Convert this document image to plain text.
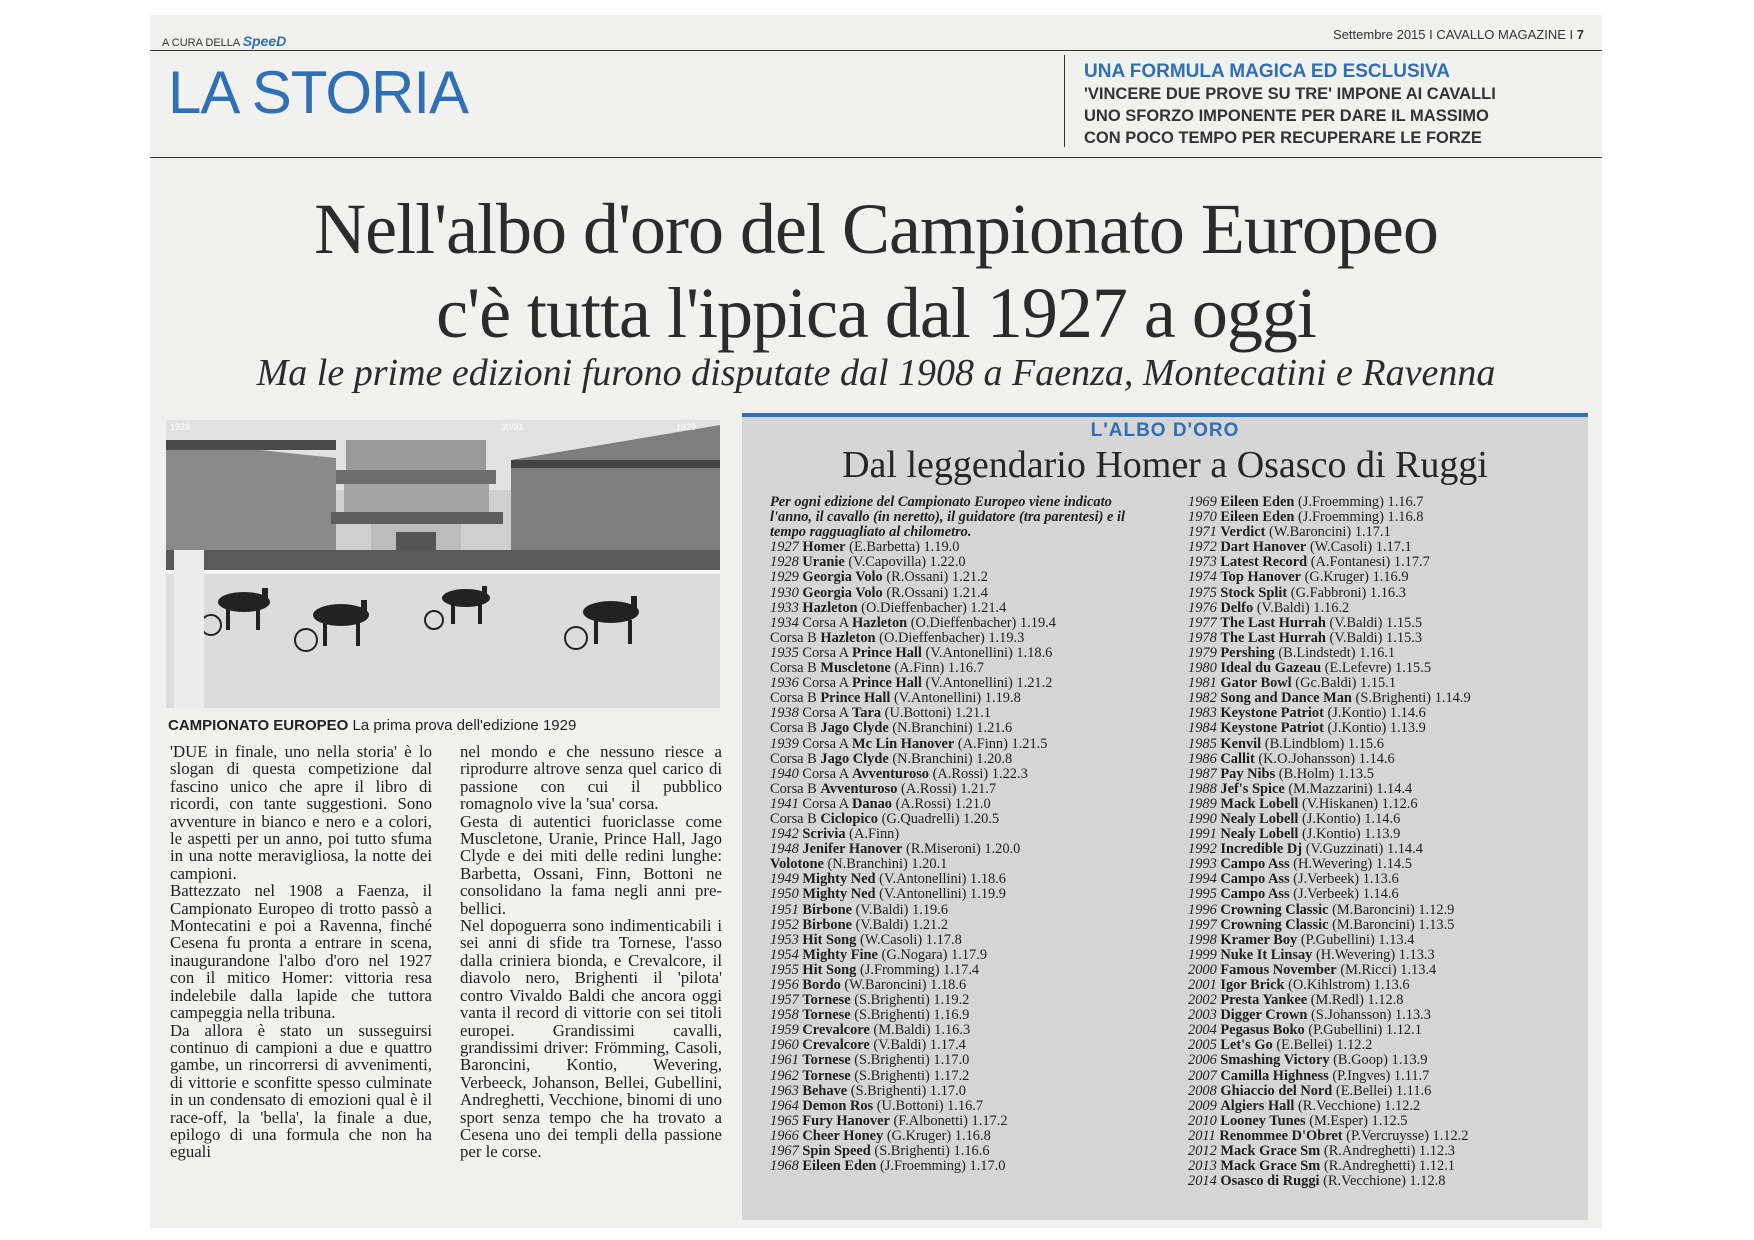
A CURA DELLA SpeeD	Settembre 2015 I CAVALLO MAGAZINE I 7
LA STORIA	UNA FORMULA MAGICA ED ESCLUSIVA
'VINCERE DUE PROVE SU TRE' IMPONE AI CAVALLI
UNO SFORZO IMPONENTE PER DARE IL MASSIMO
CON POCO TEMPO PER RECUPERARE LE FORZE
Nell'albo d'oro del Campionato Europeo
c'è tutta l'ippica dal 1927 a oggi
Ma le prime edizioni furono disputate dal 1908 a Faenza, Montecatini e Ravenna
1929	30/31	1929
CAMPIONATO EUROPEO La prima prova dell'edizione 1929

'DUE in finale, uno nella storia' è lo slogan di questa competizione dal fascino unico che apre il libro di ricordi, con tante suggestioni. Sono avventure in bianco e nero e a colori, le aspetti per un anno, poi tutto sfuma in una notte meravigliosa, la notte dei campioni.

Battezzato nel 1908 a Faenza, il Campionato Europeo di trotto passò a Montecatini e poi a Ravenna, finché Cesena fu pronta a entrare in scena, inaugurandone l'albo d'oro nel 1927 con il mitico Homer: vittoria resa indelebile dalla lapide che tuttora campeggia nella tribuna.

Da allora è stato un susseguirsi continuo di campioni a due e quattro gambe, un rincorrersi di avvenimenti, di vittorie e sconfitte spesso culminate in un condensato di emozioni qual è il race-off, la 'bella', la finale a due, epilogo di una formula che non ha eguali

nel mondo e che nessuno riesce a riprodurre altrove senza quel carico di passione con cui il pubblico romagnolo vive la 'sua' corsa.

Gesta di autentici fuoriclasse come Muscletone, Uranie, Prince Hall, Jago Clyde e dei miti delle redini lunghe: Barbetta, Ossani, Finn, Bottoni ne consolidano la fama negli anni pre-bellici.

Nel dopoguerra sono indimenticabili i sei anni di sfide tra Tornese, l'asso dalla criniera bionda, e Crevalcore, il diavolo nero, Brighenti il 'pilota' contro Vivaldo Baldi che ancora oggi vanta il record di vittorie con sei titoli europei. Grandissimi cavalli, grandissimi driver: Frömming, Casoli, Baroncini, Kontio, Wevering, Verbeeck, Johanson, Bellei, Gubellini, Andreghetti, Vecchione, binomi di uno sport senza tempo che ha trovato a Cesena uno dei templi della passione per le corse.

L'ALBO D'ORO
Dal leggendario Homer a Osasco di Ruggi
Per ogni edizione del Campionato Europeo viene indicato l'anno, il cavallo (in neretto), il guidatore (tra parentesi) e il tempo ragguagliato al chilometro.
1927 Homer (E.Barbetta) 1.19.0
1928 Uranie (V.Capovilla) 1.22.0
1929 Georgia Volo (R.Ossani) 1.21.2
1930 Georgia Volo (R.Ossani) 1.21.4
1933 Hazleton (O.Dieffenbacher) 1.21.4
1934 Corsa A Hazleton (O.Dieffenbacher) 1.19.4
Corsa B Hazleton (O.Dieffenbacher) 1.19.3
1935 Corsa A Prince Hall (V.Antonellini) 1.18.6
Corsa B Muscletone (A.Finn) 1.16.7
1936 Corsa A Prince Hall (V.Antonellini) 1.21.2
Corsa B Prince Hall (V.Antonellini) 1.19.8
1938 Corsa A Tara (U.Bottoni) 1.21.1
Corsa B Jago Clyde (N.Branchini) 1.21.6
1939 Corsa A Mc Lin Hanover (A.Finn) 1.21.5
Corsa B Jago Clyde (N.Branchini) 1.20.8
1940 Corsa A Avventuroso (A.Rossi) 1.22.3
Corsa B Avventuroso (A.Rossi) 1.21.7
1941 Corsa A Danao (A.Rossi) 1.21.0
Corsa B Ciclopico (G.Quadrelli) 1.20.5
1942 Scrivia (A.Finn)
1948 Jenifer Hanover (R.Miseroni) 1.20.0
Volotone (N.Branchini) 1.20.1
1949 Mighty Ned (V.Antonellini) 1.18.6
1950 Mighty Ned (V.Antonellini) 1.19.9
1951 Birbone (V.Baldi) 1.19.6
1952 Birbone (V.Baldi) 1.21.2
1953 Hit Song (W.Casoli) 1.17.8
1954 Mighty Fine (G.Nogara) 1.17.9
1955 Hit Song (J.Fromming) 1.17.4
1956 Bordo (W.Baroncini) 1.18.6
1957 Tornese (S.Brighenti) 1.19.2
1958 Tornese (S.Brighenti) 1.16.9
1959 Crevalcore (M.Baldi) 1.16.3
1960 Crevalcore (V.Baldi) 1.17.4
1961 Tornese (S.Brighenti) 1.17.0
1962 Tornese (S.Brighenti) 1.17.2
1963 Behave (S.Brighenti) 1.17.0
1964 Demon Ros (U.Bottoni) 1.16.7
1965 Fury Hanover (F.Albonetti) 1.17.2
1966 Cheer Honey (G.Kruger) 1.16.8
1967 Spin Speed (S.Brighenti) 1.16.6
1968 Eileen Eden (J.Froemming) 1.17.0
1969 Eileen Eden (J.Froemming) 1.16.7
1970 Eileen Eden (J.Froemming) 1.16.8
1971 Verdict (W.Baroncini) 1.17.1
1972 Dart Hanover (W.Casoli) 1.17.1
1973 Latest Record (A.Fontanesi) 1.17.7
1974 Top Hanover (G.Kruger) 1.16.9
1975 Stock Split (G.Fabbroni) 1.16.3
1976 Delfo (V.Baldi) 1.16.2
1977 The Last Hurrah (V.Baldi) 1.15.5
1978 The Last Hurrah (V.Baldi) 1.15.3
1979 Pershing (B.Lindstedt) 1.16.1
1980 Ideal du Gazeau (E.Lefevre) 1.15.5
1981 Gator Bowl (Gc.Baldi) 1.15.1
1982 Song and Dance Man (S.Brighenti) 1.14.9
1983 Keystone Patriot (J.Kontio) 1.14.6
1984 Keystone Patriot (J.Kontio) 1.13.9
1985 Kenvil (B.Lindblom) 1.15.6
1986 Callit (K.O.Johansson) 1.14.6
1987 Pay Nibs (B.Holm) 1.13.5
1988 Jef's Spice (M.Mazzarini) 1.14.4
1989 Mack Lobell (V.Hiskanen) 1.12.6
1990 Nealy Lobell (J.Kontio) 1.14.6
1991 Nealy Lobell (J.Kontio) 1.13.9
1992 Incredible Dj (V.Guzzinati) 1.14.4
1993 Campo Ass (H.Wevering) 1.14.5
1994 Campo Ass (J.Verbeek) 1.13.6
1995 Campo Ass (J.Verbeek) 1.14.6
1996 Crowning Classic (M.Baroncini) 1.12.9
1997 Crowning Classic (M.Baroncini) 1.13.5
1998 Kramer Boy (P.Gubellini) 1.13.4
1999 Nuke It Linsay (H.Wevering) 1.13.3
2000 Famous November (M.Ricci) 1.13.4
2001 Igor Brick (O.Kihlstrom) 1.13.6
2002 Presta Yankee (M.Redl) 1.12.8
2003 Digger Crown (S.Johansson) 1.13.3
2004 Pegasus Boko (P.Gubellini) 1.12.1
2005 Let's Go (E.Bellei) 1.12.2
2006 Smashing Victory (B.Goop) 1.13.9
2007 Camilla Highness (P.Ingves) 1.11.7
2008 Ghiaccio del Nord (E.Bellei) 1.11.6
2009 Algiers Hall (R.Vecchione) 1.12.2
2010 Looney Tunes (M.Esper) 1.12.5
2011 Renommee D'Obret (P.Vercruysse) 1.12.2
2012 Mack Grace Sm (R.Andreghetti) 1.12.3
2013 Mack Grace Sm (R.Andreghetti) 1.12.1
2014 Osasco di Ruggi (R.Vecchione) 1.12.8
